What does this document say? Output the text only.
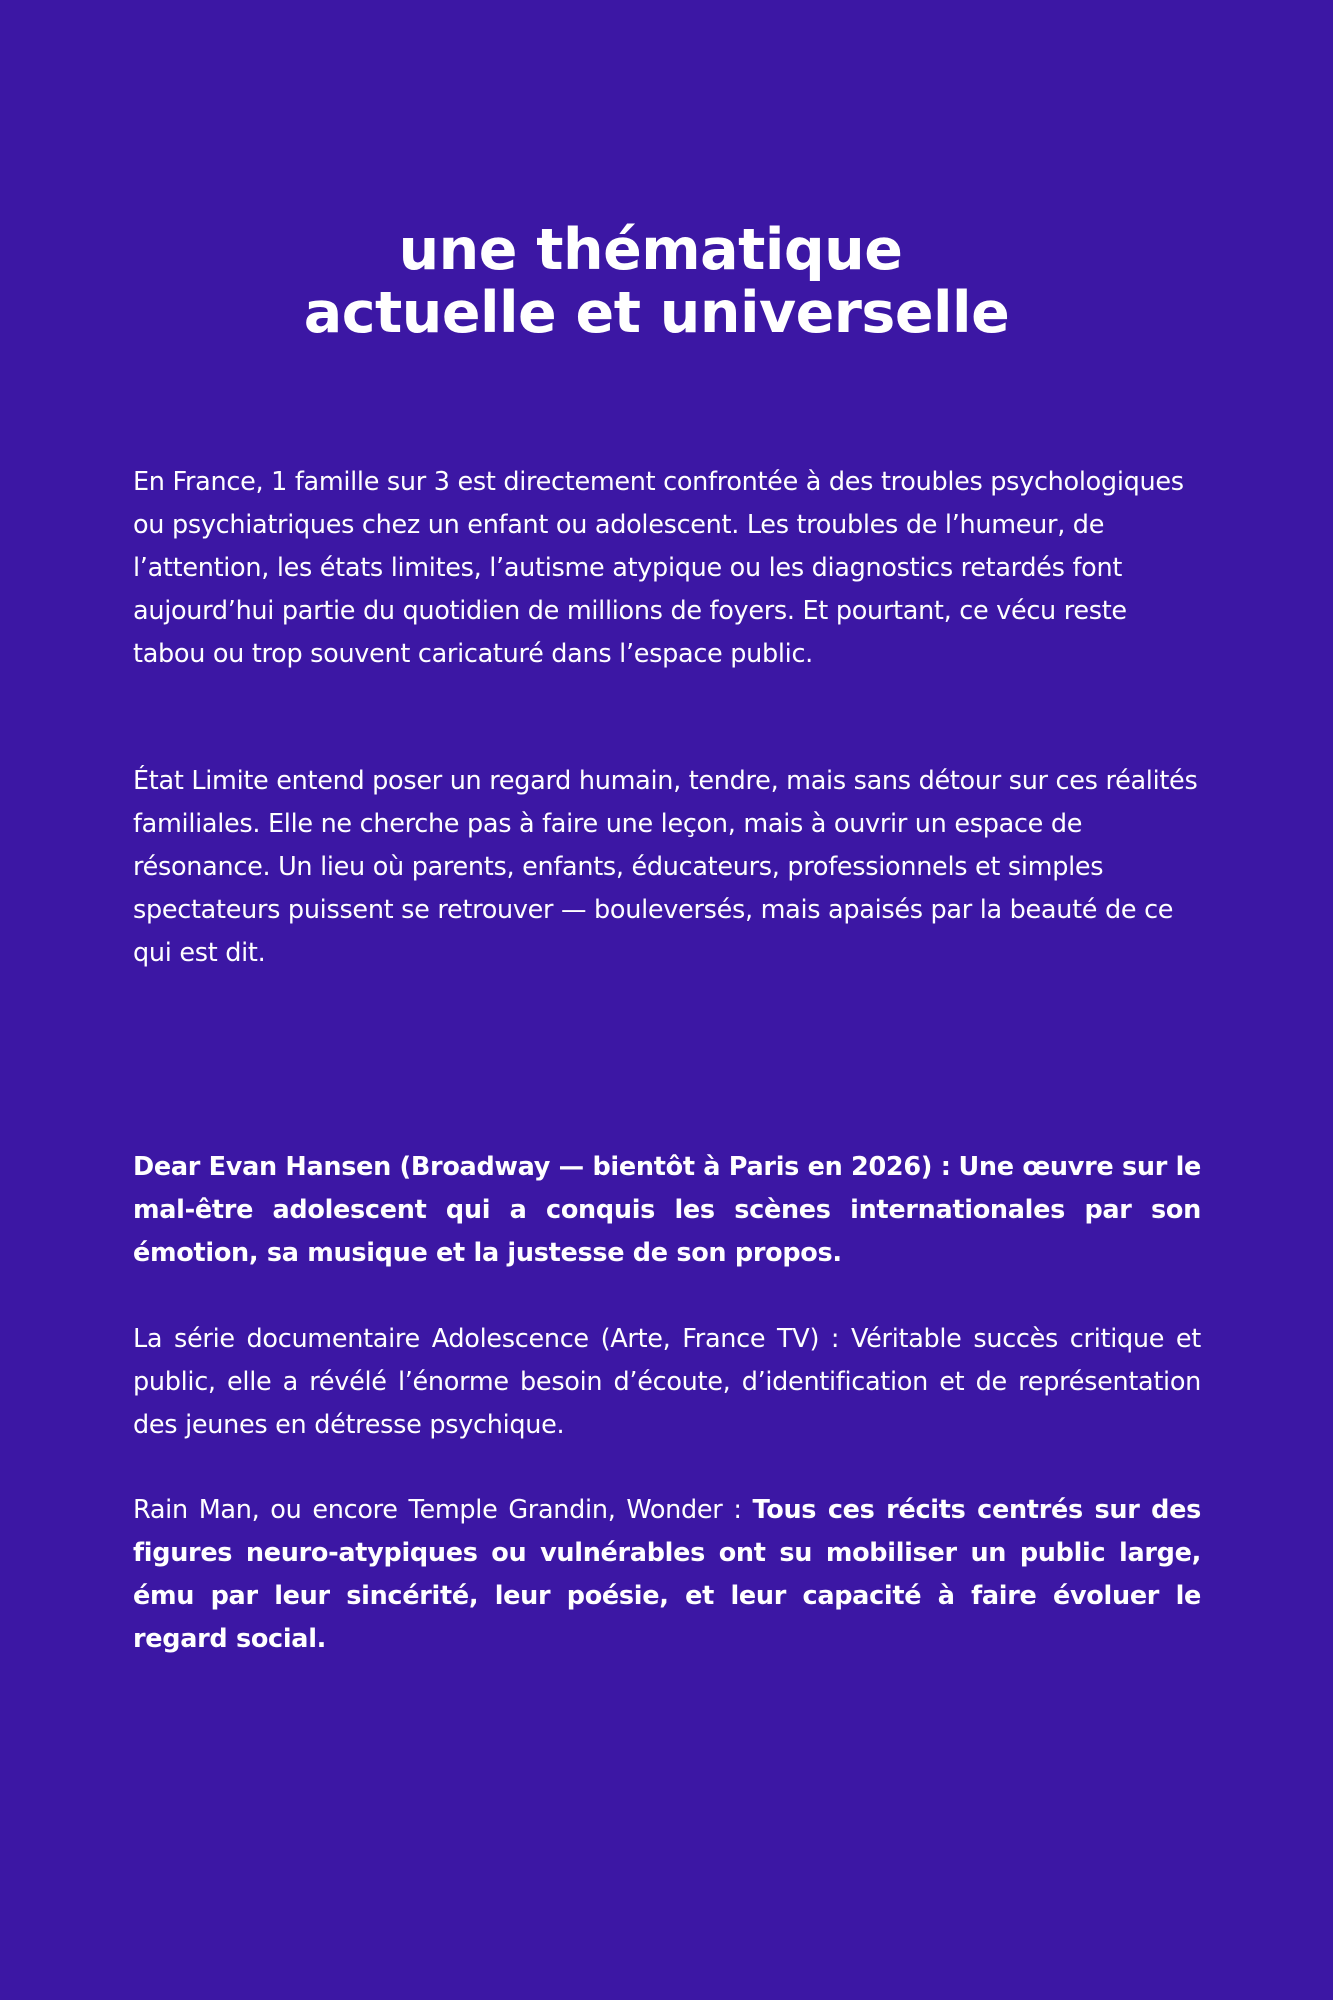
une thématique
actuelle et universelle

En France, 1 famille sur 3 est directement confrontée à des troubles psychologiques ou psychiatriques chez un enfant ou adolescent. Les troubles de l’humeur, de l’attention, les états limites, l’autisme atypique ou les diagnostics retardés font aujourd’hui partie du quotidien de millions de foyers. Et pourtant, ce vécu reste tabou ou trop souvent caricaturé dans l’espace public.

État Limite entend poser un regard humain, tendre, mais sans détour sur ces réalités familiales. Elle ne cherche pas à faire une leçon, mais à ouvrir un espace de résonance. Un lieu où parents, enfants, éducateurs, professionnels et simples spectateurs puissent se retrouver — bouleversés, mais apaisés par la beauté de ce qui est dit.

Dear Evan Hansen (Broadway — bientôt à Paris en 2026) : Une œuvre sur le mal-être adolescent qui a conquis les scènes internationales par son émotion, sa musique et la justesse de son propos.

La série documentaire Adolescence (Arte, France TV) : Véritable succès critique et public, elle a révélé l’énorme besoin d’écoute, d’identification et de représentation des jeunes en détresse psychique.

Rain Man, ou encore Temple Grandin, Wonder : Tous ces récits centrés sur des figures neuro-atypiques ou vulnérables ont su mobiliser un public large, ému par leur sincérité, leur poésie, et leur capacité à faire évoluer le regard social.
